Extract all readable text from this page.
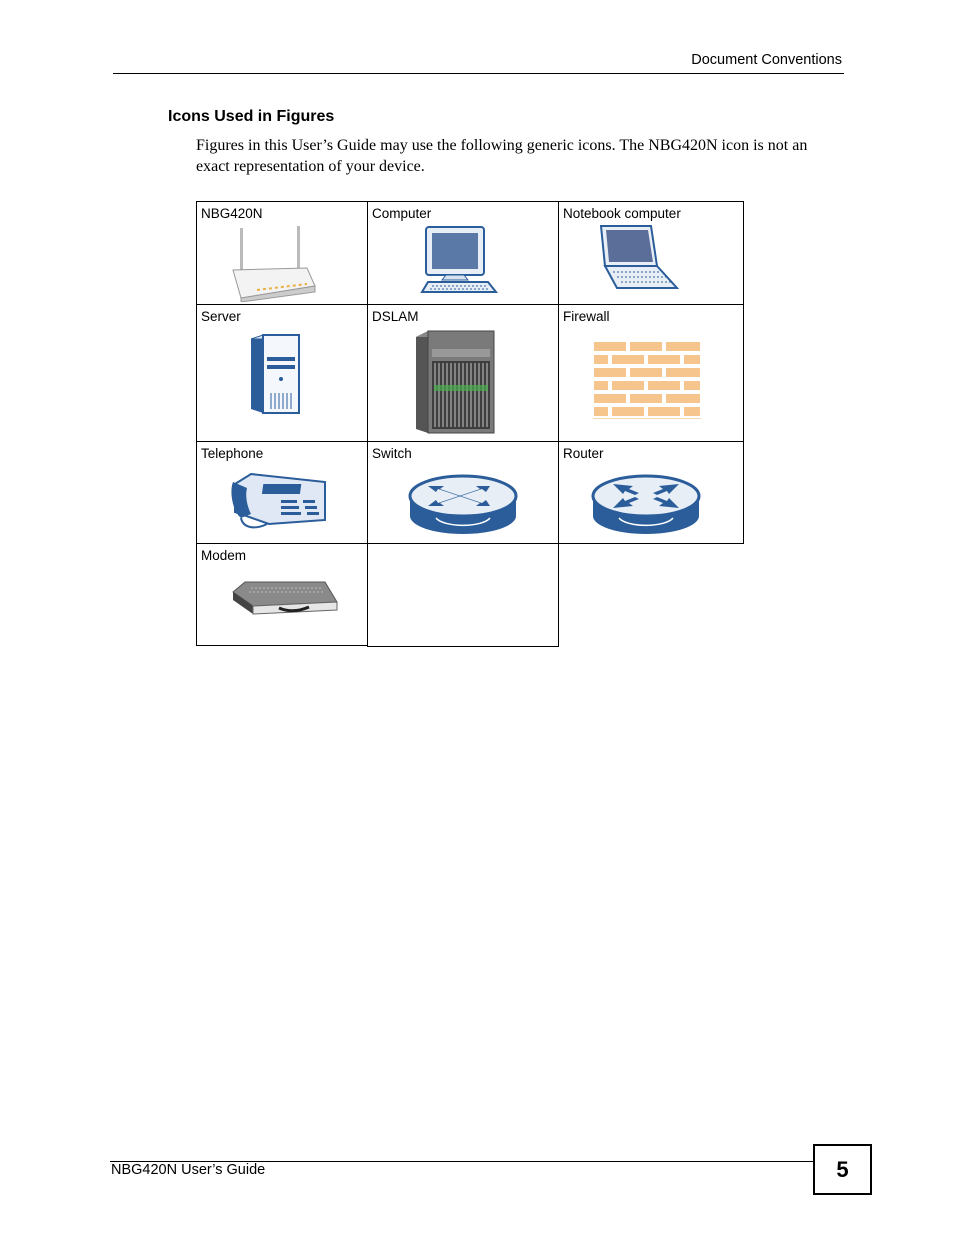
Document Conventions
Icons Used in Figures
Figures in this User’s Guide may use the following generic icons. The NBG420N icon is not an exact representation of your device.
NBG420N	Computer	Notebook computer
Server	DSLAM	Firewall
Telephone	Switch	Router
Modem
NBG420N User’s Guide	5
